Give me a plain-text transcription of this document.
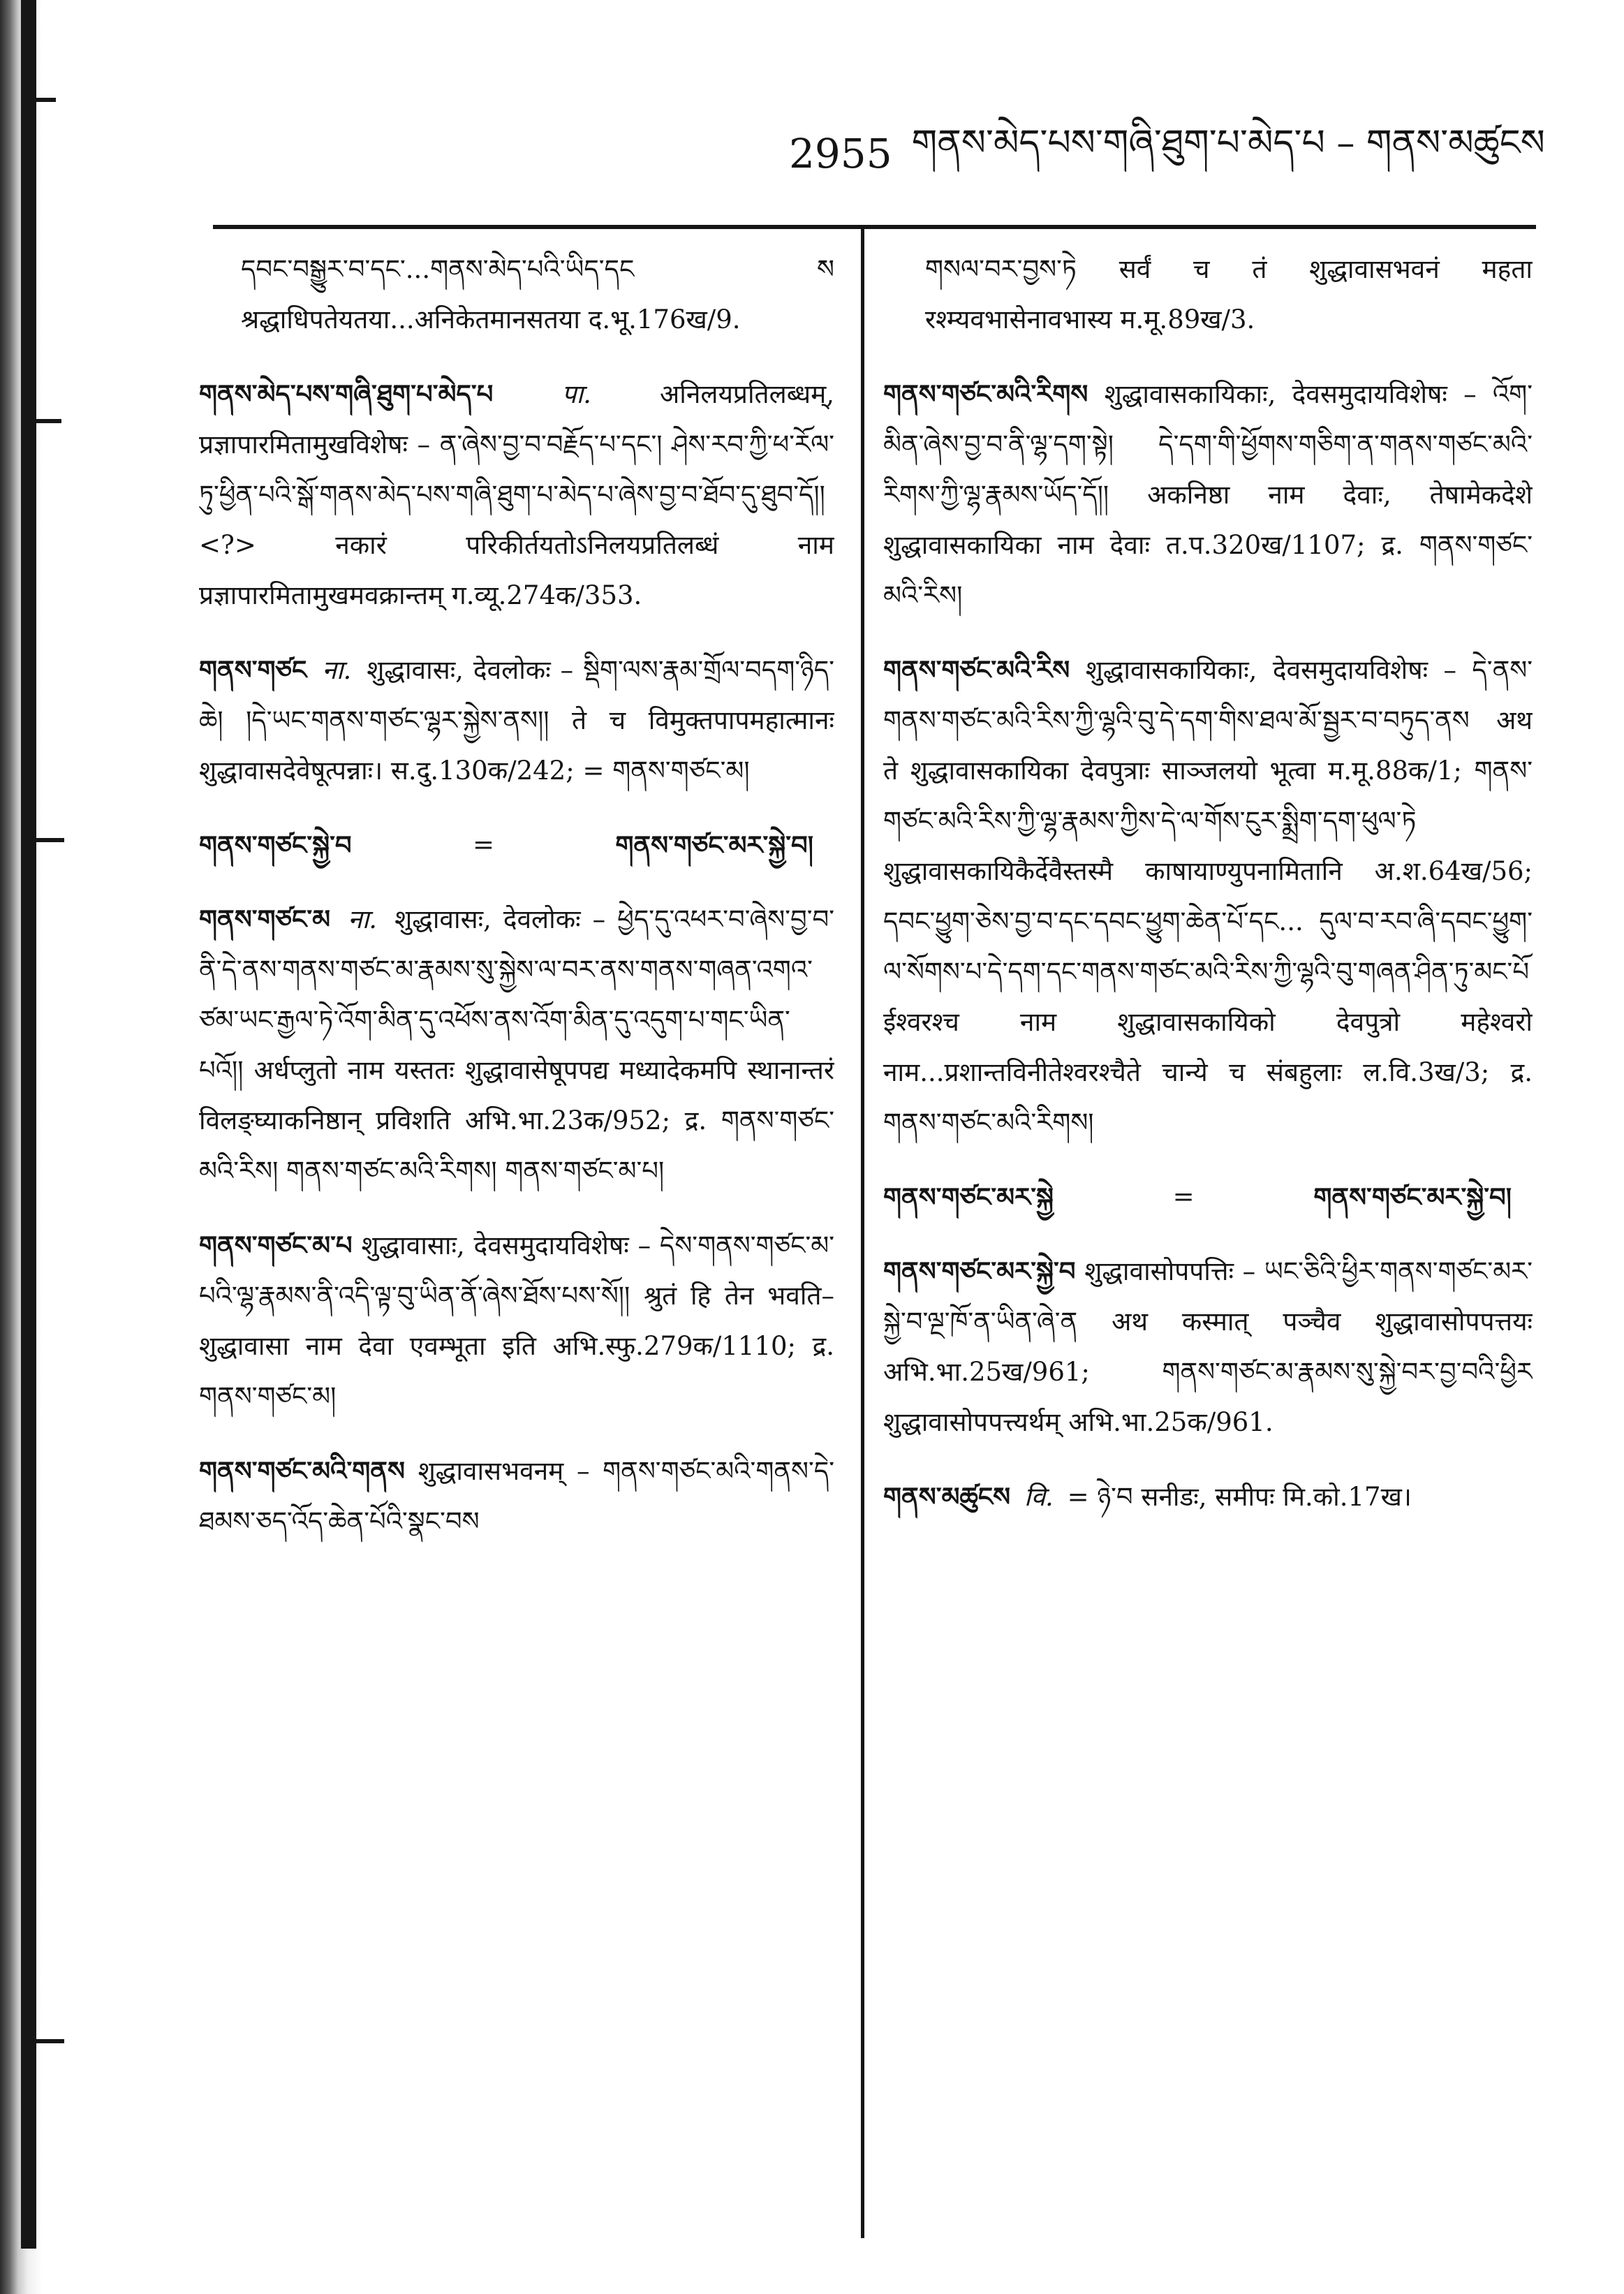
2955 གནས་མེད་པས་གཞི་ཐུག་པ་མེད་པ – གནས་མཚུངས
དབང་བསྒྱུར་བ་དང་...གནས་མེད་པའི་ཡིད་དང ས श्रद्धाधिपतेयतया...अनिकेतमानसतया द.भू.176ख/9.
གནས་མེད་པས་གཞི་ཐུག་པ་མེད་པ	पा.	अनिलयप्रतिलब्धम्, प्रज्ञापारमितामुखविशेषः – ན་ཞེས་བྱ་བ་བརྗོད་པ་དང་། ཤེས་རབ་ཀྱི་ཕ་རོལ་ཏུ་ཕྱིན་པའི་སྒོ་གནས་མེད་པས་གཞི་ཐུག་པ་མེད་པ་ཞེས་བྱ་བ་ཐོབ་དུ་ཐུབ་དོ།། <?> नकारं परिकीर्तयतोऽनिलयप्रतिलब्धं नाम प्रज्ञापारमितामुखमवक्रान्तम् ग.व्यू.274क/353.
གནས་གཙང ना. शुद्धावासः, देवलोकः – སྡིག་ལས་རྣམ་གྲོལ་བདག་ཉིད་ཆེ། །དེ་ཡང་གནས་གཙང་ལྷར་སྐྱེས་ནས།། ते च विमुक्तपापमहात्मानः शुद्धावासदेवेषूत्पन्नाः। स.दु.130क/242; = གནས་གཙང་མ།
གནས་གཙང་སྐྱེ་བ	=	གནས་གཙང་མར་སྐྱེ་བ།
གནས་གཙང་མ ना. शुद्धावासः, देवलोकः – ཕྱེད་དུ་འཕར་བ་ཞེས་བྱ་བ་ནི་དེ་ནས་གནས་གཙང་མ་རྣམས་སུ་སྐྱེས་ལ་བར་ནས་གནས་གཞན་འགའ་ཙམ་ཡང་རྒྱལ་ཏེ་འོག་མིན་དུ་འཕོས་ནས་འོག་མིན་དུ་འདུག་པ་གང་ཡིན་པའོ།། अर्धप्लुतो नाम यस्ततः शुद्धावासेषूपपद्य मध्यादेकमपि स्थानान्तरं विलङ्घ्याकनिष्ठान् प्रविशति अभि.भा.23क/952; द्र. གནས་གཙང་མའི་རིས། གནས་གཙང་མའི་རིགས། གནས་གཙང་མ་པ།
གནས་གཙང་མ་པ शुद्धावासाः, देवसमुदायविशेषः – དེས་གནས་གཙང་མ་པའི་ལྷ་རྣམས་ནི་འདི་ལྟ་བུ་ཡིན་ནོ་ཞེས་ཐོས་པས་སོ།། श्रुतं हि तेन भवति–शुद्धावासा नाम देवा एवम्भूता इति अभि.स्फु.279क/1110; द्र. གནས་གཙང་མ།
གནས་གཙང་མའི་གནས शुद्धावासभवनम् – གནས་གཙང་མའི་གནས་དེ་ཐམས་ཅད་འོད་ཆེན་པོའི་སྣང་བས
གསལ་བར་བྱས་ཏེ सर्वं च तं शुद्धावासभवनं महता रश्म्यवभासेनावभास्य म.मू.89ख/3.
གནས་གཙང་མའི་རིགས शुद्धावासकायिकाः, देवसमुदायविशेषः – འོག་མིན་ཞེས་བྱ་བ་ནི་ལྷ་དག་སྟེ། དེ་དག་གི་ཕྱོགས་གཅིག་ན་གནས་གཙང་མའི་རིགས་ཀྱི་ལྷ་རྣམས་ཡོད་དོ།། अकनिष्ठा नाम देवाः, तेषामेकदेशे शुद्धावासकायिका नाम देवाः त.प.320ख/1107; द्र. གནས་གཙང་མའི་རིས།
གནས་གཙང་མའི་རིས शुद्धावासकायिकाः, देवसमुदायविशेषः – དེ་ནས་གནས་གཙང་མའི་རིས་ཀྱི་ལྷའི་བུ་དེ་དག་གིས་ཐལ་མོ་སྦྱར་བ་བཏུད་ནས अथ ते शुद्धावासकायिका देवपुत्राः साञ्जलयो भूत्वा म.मू.88क/1; གནས་གཙང་མའི་རིས་ཀྱི་ལྷ་རྣམས་ཀྱིས་དེ་ལ་གོས་ངུར་སྨྲིག་དག་ཕུལ་ཏེ शुद्धावासकायिकैर्देवैस्तस्मै काषायाण्युपनामितानि अ.श.64ख/56; དབང་ཕྱུག་ཅེས་བྱ་བ་དང་དབང་ཕྱུག་ཆེན་པོ་དང... དུལ་བ་རབ་ཞི་དབང་ཕྱུག་ལ་སོགས་པ་དེ་དག་དང་གནས་གཙང་མའི་རིས་ཀྱི་ལྷའི་བུ་གཞན་ཤིན་ཏུ་མང་པོ ईश्वरश्च नाम शुद्धावासकायिको देवपुत्रो महेश्वरो नाम...प्रशान्तविनीतेश्वरश्चैते चान्ये च संबहुलाः ल.वि.3ख/3; द्र. གནས་གཙང་མའི་རིགས།
གནས་གཙང་མར་སྐྱེ	=	གནས་གཙང་མར་སྐྱེ་བ།
གནས་གཙང་མར་སྐྱེ་བ शुद्धावासोपपत्तिः – ཡང་ཅིའི་ཕྱིར་གནས་གཙང་མར་སྐྱེ་བ་ལྔ་ཁོ་ན་ཡིན་ཞེ་ན अथ कस्मात् पञ्चैव शुद्धावासोपपत्तयः अभि.भा.25ख/961; གནས་གཙང་མ་རྣམས་སུ་སྐྱེ་བར་བྱ་བའི་ཕྱིར शुद्धावासोपपत्त्यर्थम् अभि.भा.25क/961.
གནས་མཚུངས वि. = ཉེ་བ सनीडः, समीपः मि.को.17ख।
